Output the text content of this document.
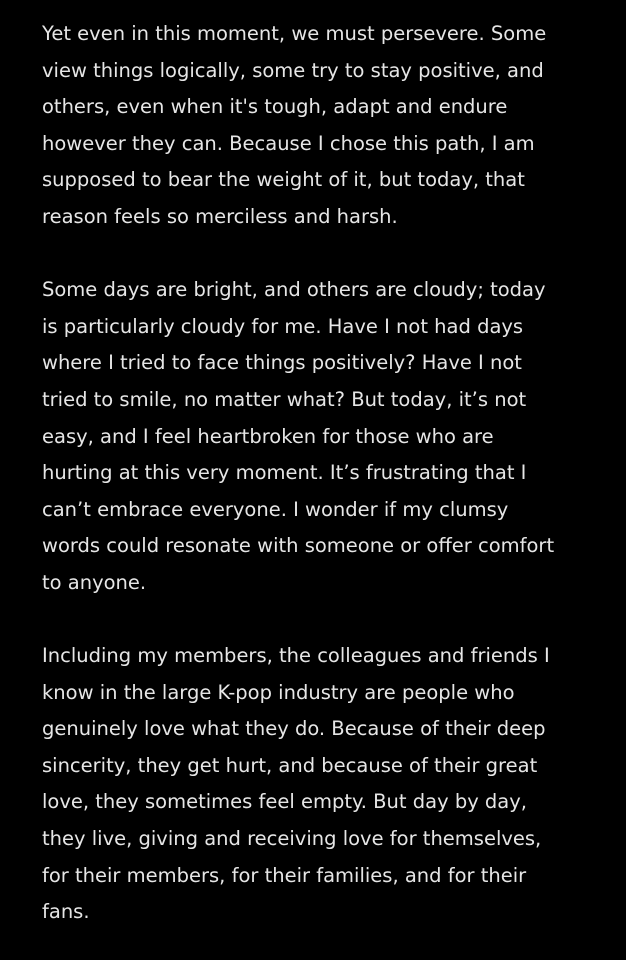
Yet even in this moment, we must persevere. Some
view things logically, some try to stay positive, and
others, even when it's tough, adapt and endure
however they can. Because I chose this path, I am
supposed to bear the weight of it, but today, that
reason feels so merciless and harsh.
Some days are bright, and others are cloudy; today
is particularly cloudy for me. Have I not had days
where I tried to face things positively? Have I not
tried to smile, no matter what? But today, it’s not
easy, and I feel heartbroken for those who are
hurting at this very moment. It’s frustrating that I
can’t embrace everyone. I wonder if my clumsy
words could resonate with someone or offer comfort
to anyone.
Including my members, the colleagues and friends I
know in the large K-pop industry are people who
genuinely love what they do. Because of their deep
sincerity, they get hurt, and because of their great
love, they sometimes feel empty. But day by day,
they live, giving and receiving love for themselves,
for their members, for their families, and for their
fans.
